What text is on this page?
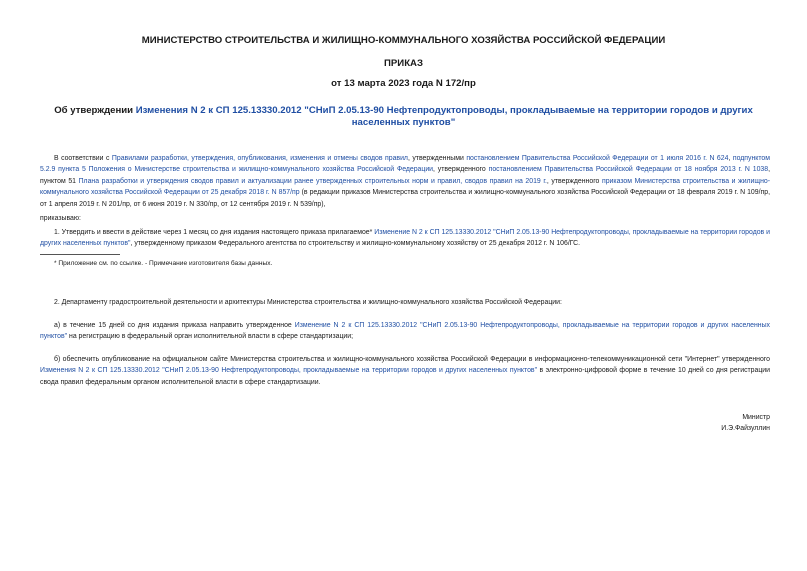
МИНИСТЕРСТВО СТРОИТЕЛЬСТВА И ЖИЛИЩНО-КОММУНАЛЬНОГО ХОЗЯЙСТВА РОССИЙСКОЙ ФЕДЕРАЦИИ
ПРИКАЗ
от 13 марта 2023 года N 172/пр
Об утверждении Изменения N 2 к СП 125.13330.2012 "СНиП 2.05.13-90 Нефтепродуктопроводы, прокладываемые на территории городов и других населенных пунктов"
В соответствии с Правилами разработки, утверждения, опубликования, изменения и отмены сводов правил, утвержденными постановлением Правительства Российской Федерации от 1 июля 2016 г. N 624, подпунктом 5.2.9 пункта 5 Положения о Министерстве строительства и жилищно-коммунального хозяйства Российской Федерации, утвержденного постановлением Правительства Российской Федерации от 18 ноября 2013 г. N 1038, пунктом 51 Плана разработки и утверждения сводов правил и актуализации ранее утвержденных строительных норм и правил, сводов правил на 2019 г., утвержденного приказом Министерства строительства и жилищно-коммунального хозяйства Российской Федерации от 25 декабря 2018 г. N 857/пр (в редакции приказов Министерства строительства и жилищно-коммунального хозяйства Российской Федерации от 18 февраля 2019 г. N 109/пр, от 1 апреля 2019 г. N 201/пр, от 6 июня 2019 г. N 330/пр, от 12 сентября 2019 г. N 539/пр),
приказываю:
1. Утвердить и ввести в действие через 1 месяц со дня издания настоящего приказа прилагаемое* Изменение N 2 к СП 125.13330.2012 "СНиП 2.05.13-90 Нефтепродуктопроводы, прокладываемые на территории городов и других населенных пунктов", утвержденному приказом Федерального агентства по строительству и жилищно-коммунальному хозяйству от 25 декабря 2012 г. N 106/ГС.
* Приложение см. по ссылке. - Примечание изготовителя базы данных.
2. Департаменту градостроительной деятельности и архитектуры Министерства строительства и жилищно-коммунального хозяйства Российской Федерации:
а) в течение 15 дней со дня издания приказа направить утвержденное Изменение N 2 к СП 125.13330.2012 "СНиП 2.05.13-90 Нефтепродуктопроводы, прокладываемые на территории городов и других населенных пунктов" на регистрацию в федеральный орган исполнительной власти в сфере стандартизации;
б) обеспечить опубликование на официальном сайте Министерства строительства и жилищно-коммунального хозяйства Российской Федерации в информационно-телекоммуникационной сети "Интернет" утвержденного Изменения N 2 к СП 125.13330.2012 "СНиП 2.05.13-90 Нефтепродуктопроводы, прокладываемые на территории городов и других населенных пунктов" в электронно-цифровой форме в течение 10 дней со дня регистрации свода правил федеральным органом исполнительной власти в сфере стандартизации.
Министр
И.Э.Файзуллин
